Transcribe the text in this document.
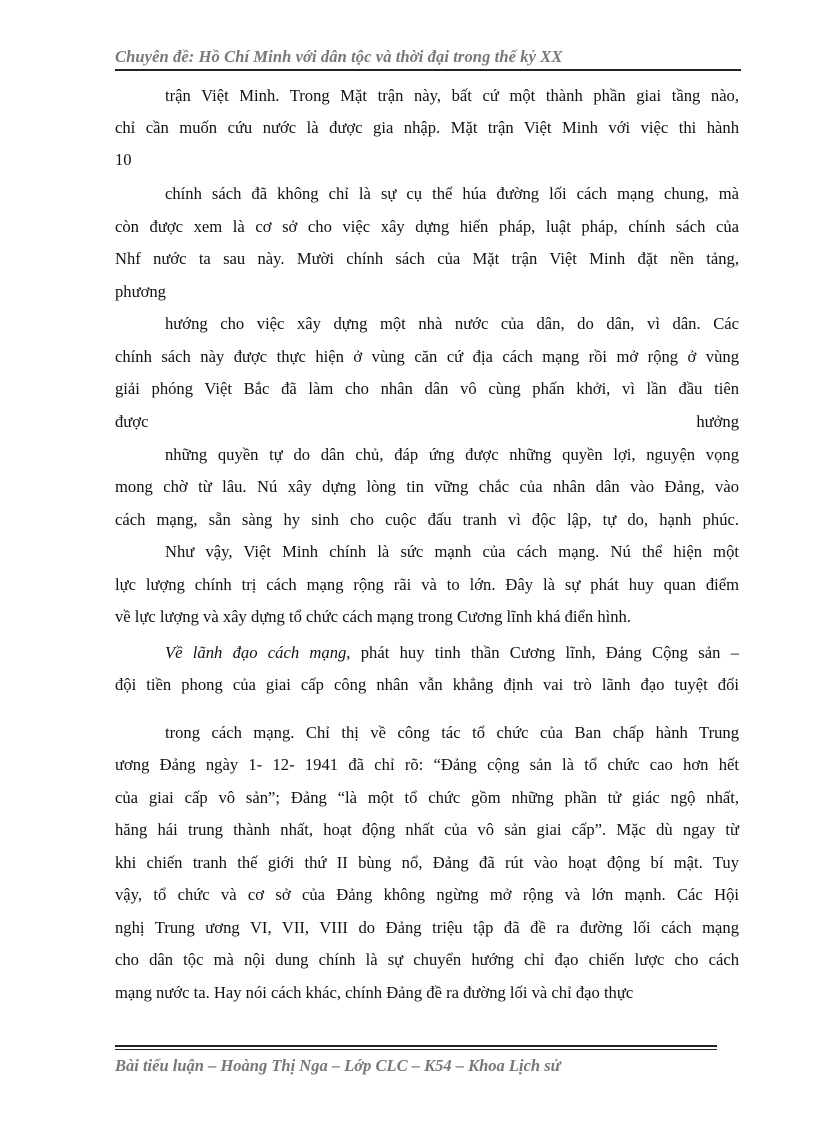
Chuyên đề: Hồ Chí Minh với dân tộc và thời đại trong thế kỷ XX
trận Việt Minh. Trong Mặt trận này, bất cứ một thành phần giai tầng nào,
chỉ cần muốn cứu nước là được gia nhập. Mặt trận Việt Minh với việc thi hành
10
chính sách đã không chỉ là sự cụ thể húa đường lối cách mạng chung, mà
còn được xem là cơ sở cho việc xây dựng hiến pháp, luật pháp, chính sách của
Nhf nước ta sau này. Mười chính sách của Mặt trận Việt Minh đặt nền tảng,
phương
hướng cho việc xây dựng một nhà nước của dân, do dân, vì dân. Các
chính sách này được thực hiện ở vùng căn cứ địa cách mạng rồi mở rộng ở vùng
giải phóng Việt Bắc đã làm cho nhân dân vô cùng phấn khởi, vì lần đầu tiên
được hưởng
những quyền tự do dân chủ, đáp ứng được những quyền lợi, nguyện vọng
mong chờ từ lâu. Nú xây dựng lòng tin vững chắc của nhân dân vào Đảng, vào
cách mạng, sẵn sàng hy sinh cho cuộc đấu tranh vì độc lập, tự do, hạnh phúc.
Như vậy, Việt Minh chính là sức mạnh của cách mạng. Nú thể hiện một
lực lượng chính trị cách mạng rộng rãi và to lớn. Đây là sự phát huy quan điểm
về lực lượng và xây dựng tổ chức cách mạng trong Cương lĩnh khá điển hình.
Về lãnh đạo cách mạng, phát huy tinh thần Cương lĩnh, Đảng Cộng sản –
đội tiền phong của giai cấp công nhân vẫn khẳng định vai trò lãnh đạo tuyệt đối
trong cách mạng. Chỉ thị về công tác tổ chức của Ban chấp hành Trung
ương Đảng ngày 1- 12- 1941 đã chỉ rõ: “Đảng cộng sản là tổ chức cao hơn hết
của giai cấp vô sản”; Đảng “là một tổ chức gồm những phần tử giác ngộ nhất,
hăng hái trung thành nhất, hoạt động nhất của vô sản giai cấp”. Mặc dù ngay từ
khi chiến tranh thế giới thứ II bùng nổ, Đảng đã rút vào hoạt động bí mật. Tuy
vậy, tổ chức và cơ sở của Đảng không ngừng mở rộng và lớn mạnh. Các Hội
nghị Trung ương VI, VII, VIII do Đảng triệu tập đã đề ra đường lối cách mạng
cho dân tộc mà nội dung chính là sự chuyển hướng chỉ đạo chiến lược cho cách
mạng nước ta. Hay nói cách khác, chính Đảng đề ra đường lối và chỉ đạo thực
Bài tiểu luận – Hoàng Thị Nga – Lớp CLC – K54 – Khoa Lịch sử
